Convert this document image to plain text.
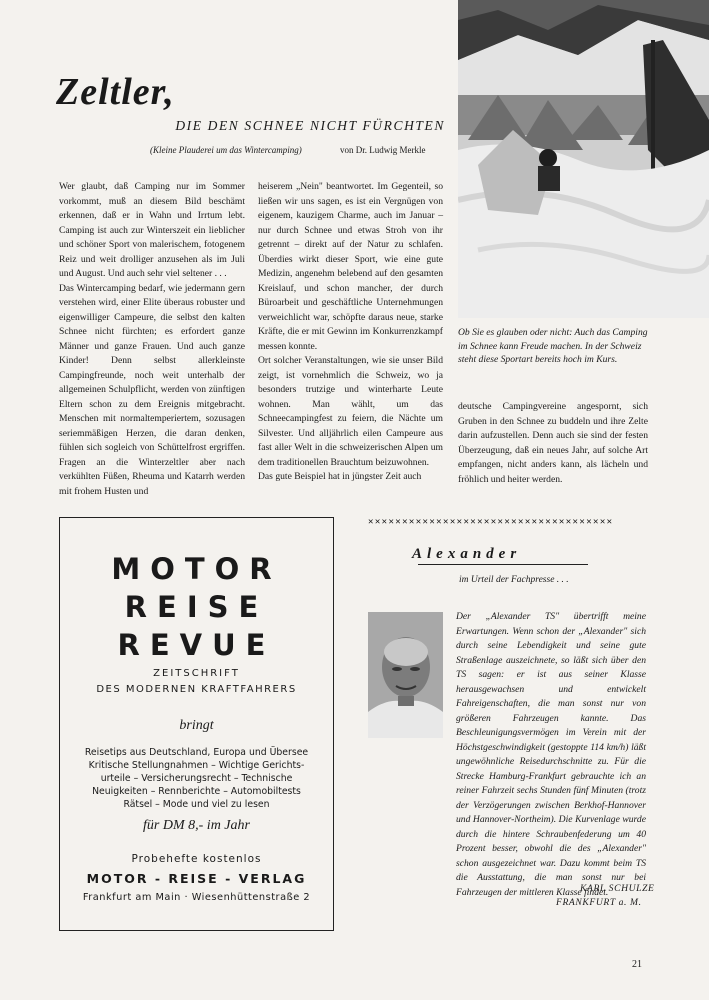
Zeltler,
DIE DEN SCHNEE NICHT FÜRCHTEN
(Kleine Plauderei um das Wintercamping)	von Dr. Ludwig Merkle

Wer glaubt, daß Camping nur im Sommer vorkommt, muß an diesem Bild beschämt erkennen, daß er in Wahn und Irrtum lebt. Camping ist auch zur Winterszeit ein lieblicher und schöner Sport von malerischem, fotogenem Reiz und weit drolliger anzusehen als im Juli und August. Und auch sehr viel seltener . . .

Das Wintercamping bedarf, wie jedermann gern verstehen wird, einer Elite überaus robuster und eigenwilliger Campeure, die selbst den kalten Schnee nicht fürchten; es erfordert ganze Männer und ganze Frauen. Und auch ganze Kinder! Denn selbst allerkleinste Campingfreunde, noch weit unterhalb der allgemeinen Schulpflicht, werden von zünftigen Eltern schon zu dem Ereignis mitgebracht. Menschen mit normaltemperiertem, sozusagen seriemmäßigen Herzen, die daran denken, fühlen sich sogleich von Schüttelfrost ergriffen. Fragen an die Winterzeltler aber nach verkühlten Füßen, Rheuma und Katarrh werden mit frohem Husten und

heiserem „Nein" beantwortet. Im Gegenteil, so ließen wir uns sagen, es ist ein Vergnügen von eigenem, kauzigem Charme, auch im Januar – nur durch Schnee und etwas Stroh von ihr getrennt – direkt auf der Natur zu schlafen. Überdies wirkt dieser Sport, wie eine gute Medizin, angenehm belebend auf den gesamten Kreislauf, und schon mancher, der durch Büroarbeit und geschäftliche Unternehmungen verweichlicht war, schöpfte daraus neue, starke Kräfte, die er mit Gewinn im Konkurrenzkampf messen konnte.

Ort solcher Veranstaltungen, wie sie unser Bild zeigt, ist vornehmlich die Schweiz, wo ja besonders trutzige und winterharte Leute wohnen. Man wählt, um das Schneecampingfest zu feiern, die Nächte um Silvester. Und alljährlich eilen Campeure aus fast aller Welt in die schweizerischen Alpen um dem traditionellen Brauchtum beizuwohnen.

Das gute Beispiel hat in jüngster Zeit auch

Ob Sie es glauben oder nicht: Auch das Camping im Schnee kann Freude machen. In der Schweiz steht diese Sportart bereits hoch im Kurs.

deutsche Campingvereine angespornt, sich Gruben in den Schnee zu buddeln und ihre Zelte darin aufzustellen. Denn auch sie sind der festen Überzeugung, daß ein neues Jahr, auf solche Art empfangen, nicht anders kann, als lächeln und fröhlich und heiter werden.

MOTOR
REISE
REVUE
ZEITSCHRIFT
DES MODERNEN KRAFTFAHRERS
bringt
Reisetips aus Deutschland, Europa und Übersee
Kritische Stellungnahmen – Wichtige Gerichts-
urteile – Versicherungsrecht – Technische
Neuigkeiten – Rennberichte – Automobiltests
Rätsel – Mode und viel zu lesen
für DM 8,- im Jahr
Probehefte kostenlos
MOTOR - REISE - VERLAG
Frankfurt am Main · Wiesenhüttenstraße 2
✕✕✕✕✕✕✕✕✕✕✕✕✕✕✕✕✕✕✕✕✕✕✕✕✕✕✕✕✕✕✕✕✕✕✕✕
Alexander
im Urteil der Fachpresse . . .
Der „Alexander TS" übertrifft meine Erwartungen. Wenn schon der „Alexander" sich durch seine Lebendigkeit und seine gute Straßenlage auszeichnete, so läßt sich über den TS sagen: er ist aus seiner Klasse herausgewachsen und entwickelt Fahreigenschaften, die man sonst nur von größeren Fahrzeugen kannte. Das Beschleunigungsvermögen im Verein mit der Höchstgeschwindigkeit (gestoppte 114 km/h) läßt ungewöhnliche Reisedurchschnitte zu. Für die Strecke Hamburg-Frankfurt gebrauchte ich an reiner Fahrzeit sechs Stunden fünf Minuten (trotz der Verzögerungen zwischen Berkhof-Hannover und Hannover-Northeim). Die Kurvenlage wurde durch die hintere Schraubenfederung um 40 Prozent besser, obwohl die des „Alexander" schon ausgezeichnet war. Dazu kommt beim TS die Ausstattung, die man sonst nur bei Fahrzeugen der mittleren Klasse findet.
KARL SCHULZE
FRANKFURT a. M.
21
